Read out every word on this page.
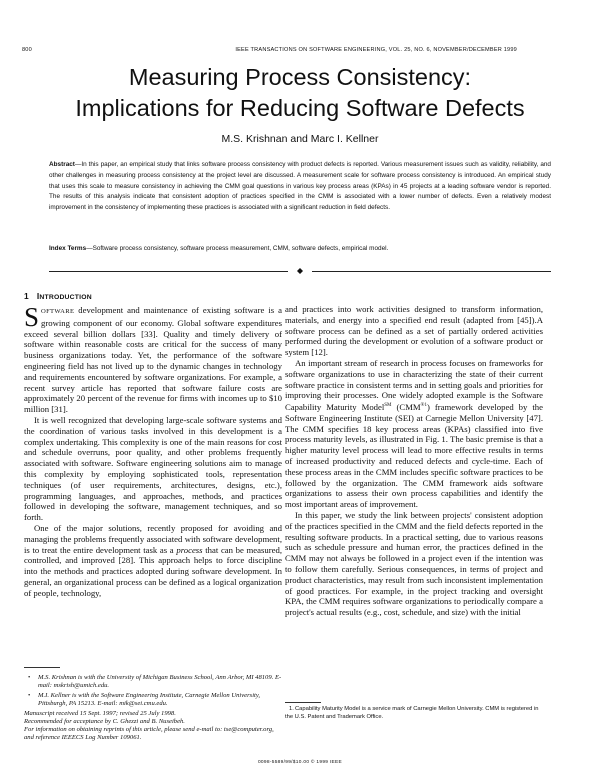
800	IEEE TRANSACTIONS ON SOFTWARE ENGINEERING, VOL. 25, NO. 6, NOVEMBER/DECEMBER 1999
Measuring Process Consistency:
Implications for Reducing Software Defects
M.S. Krishnan and Marc I. Kellner
Abstract—In this paper, an empirical study that links software process consistency with product defects is reported. Various measurement issues such as validity, reliability, and other challenges in measuring process consistency at the project level are discussed. A measurement scale for software process consistency is introduced. An empirical study that uses this scale to measure consistency in achieving the CMM goal questions in various key process areas (KPAs) in 45 projects at a leading software vendor is reported. The results of this analysis indicate that consistent adoption of practices specified in the CMM is associated with a lower number of defects. Even a relatively modest improvement in the consistency of implementing these practices is associated with a significant reduction in field defects.
Index Terms—Software process consistency, software process measurement, CMM, software defects, empirical model.
1 INTRODUCTION

SOFTWARE development and maintenance of existing software is a growing component of our economy. Global software expenditures exceed several billion dollars [33]. Quality and timely delivery of software within reasonable costs are critical for the success of many business organizations today. Yet, the performance of the software engineering field has not lived up to the dynamic changes in technology and requirements encountered by software organizations. For example, a recent survey article has reported that software failure costs are approximately 20 percent of the revenue for firms with incomes up to $10 million [31].

It is well recognized that developing large-scale software systems and the coordination of various tasks involved in this development is a complex undertaking. This complexity is one of the main reasons for cost and schedule overruns, poor quality, and other problems frequently associated with software. Software engineering solutions aim to manage this complexity by employing sophisticated tools, representation techniques (of user requirements, architectures, designs, etc.), programming languages, and approaches, methods, and practices followed in developing the software, management techniques, and so forth.

One of the major solutions, recently proposed for avoiding and managing the problems frequently associated with software development, is to treat the entire development task as a process that can be measured, controlled, and improved [28]. This approach helps to force discipline into the methods and practices adopted during software development. In general, an organizational process can be defined as a logical organization of people, technology,

and practices into work activities designed to transform information, materials, and energy into a specified end result (adapted from [45]).A software process can be defined as a set of partially ordered activities performed during the development or evolution of a software product or system [12].

An important stream of research in process focuses on frameworks for software organizations to use in characterizing the state of their current software practice in consistent terms and in setting goals and priorities for improving their processes. One widely adopted example is the Software Capability Maturity Model℠ $(CMM^{®1})$ framework developed by the Software Engineering Institute (SEI) at Carnegie Mellon University [47]. The CMM specifies 18 key process areas (KPAs) classified into five process maturity levels, as illustrated in Fig. 1. The basic premise is that a higher maturity level process will lead to more effective results in terms of increased productivity and reduced defects and cycle-time. Each of these process areas in the CMM includes specific software practices to be followed by the organization. The CMM framework aids software organizations to assess their own process capabilities and identify the most important areas of improvement.

In this paper, we study the link between projects' consistent adoption of the practices specified in the CMM and the field defects reported in the resulting software products. In a practical setting, due to various reasons such as schedule pressure and human error, the practices defined in the CMM may not always be followed in a project even if the intention was to follow them carefully. Serious consequences, in terms of project and product characteristics, may result from such inconsistent implementation of good practices. For example, in the project tracking and oversight KPA, the CMM requires software organizations to periodically compare a project's actual results (e.g., cost, schedule, and size) with the initial

• M.S. Krishnan is with the University of Michigan Business School, Ann Arbor, MI 48109. E-mail: mskrish@umich.edu.
• M.I. Kellner is with the Software Engineering Institute, Carnegie Mellon University, Pittsburgh, PA 15213. E-mail: mik@sei.cmu.edu.
Manuscript received 15 Sept. 1997; revised 25 July 1998.
Recommended for acceptance by C. Ghezzi and B. Nuseibeh.
For information on obtaining reprints of this article, please send e-mail to: tse@computer.org, and reference IEEECS Log Number 109061.
1.Capability Maturity Model is a service mark of Carnegie Mellon University. CMM is registered in the U.S. Patent and Trademark Office.
0098-5589/99/$10.00 © 1999 IEEE
